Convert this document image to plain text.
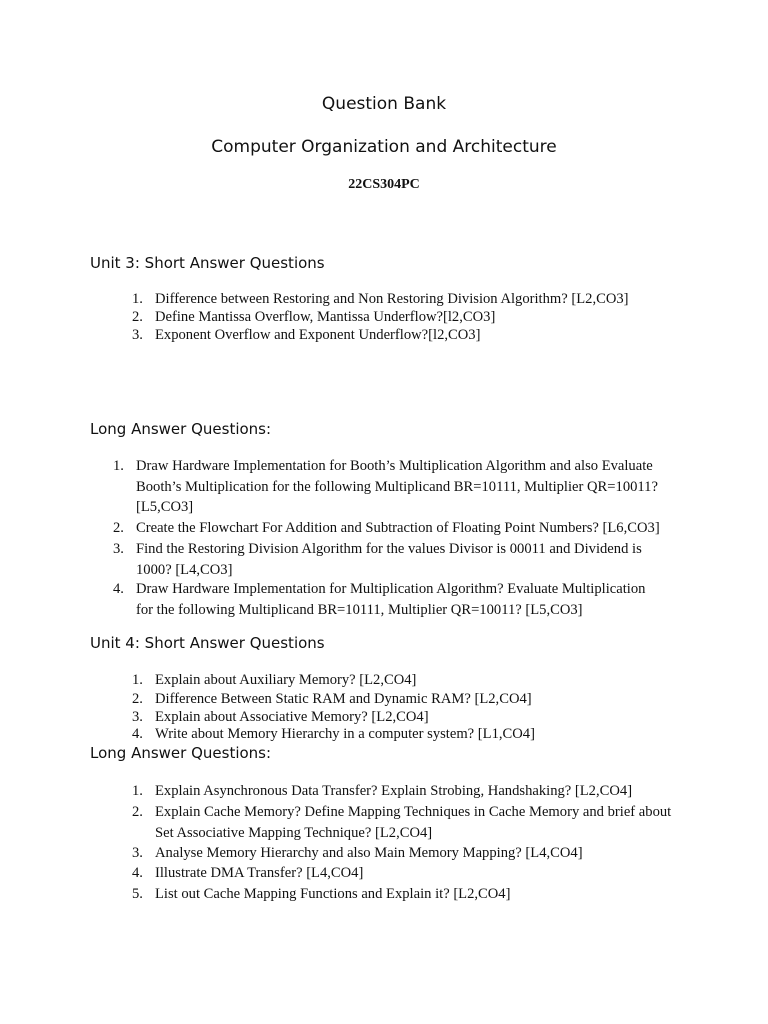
Question Bank
Computer Organization and Architecture
22CS304PC
Unit 3: Short Answer Questions
1. Difference between Restoring and Non Restoring Division Algorithm? [L2,CO3]
2. Define Mantissa Overflow, Mantissa Underflow?[l2,CO3]
3. Exponent Overflow and Exponent Underflow?[l2,CO3]
Long Answer Questions:
1. Draw Hardware Implementation for Booth’s Multiplication Algorithm and also Evaluate
Booth’s Multiplication for the following Multiplicand BR=10111, Multiplier QR=10011?
[L5,CO3]
2. Create the Flowchart For Addition and Subtraction of Floating Point Numbers? [L6,CO3]
3. Find the Restoring Division Algorithm for the values Divisor is 00011 and Dividend is
1000? [L4,CO3]
4. Draw Hardware Implementation for Multiplication Algorithm? Evaluate Multiplication
for the following Multiplicand BR=10111, Multiplier QR=10011? [L5,CO3]
Unit 4: Short Answer Questions
1. Explain about Auxiliary Memory? [L2,CO4]
2. Difference Between Static RAM and Dynamic RAM? [L2,CO4]
3. Explain about Associative Memory? [L2,CO4]
4. Write about Memory Hierarchy in a computer system? [L1,CO4]
Long Answer Questions:
1. Explain Asynchronous Data Transfer? Explain Strobing, Handshaking? [L2,CO4]
2. Explain Cache Memory? Define Mapping Techniques in Cache Memory and brief about
Set Associative Mapping Technique? [L2,CO4]
3. Analyse Memory Hierarchy and also Main Memory Mapping? [L4,CO4]
4. Illustrate DMA Transfer? [L4,CO4]
5. List out Cache Mapping Functions and Explain it? [L2,CO4]
